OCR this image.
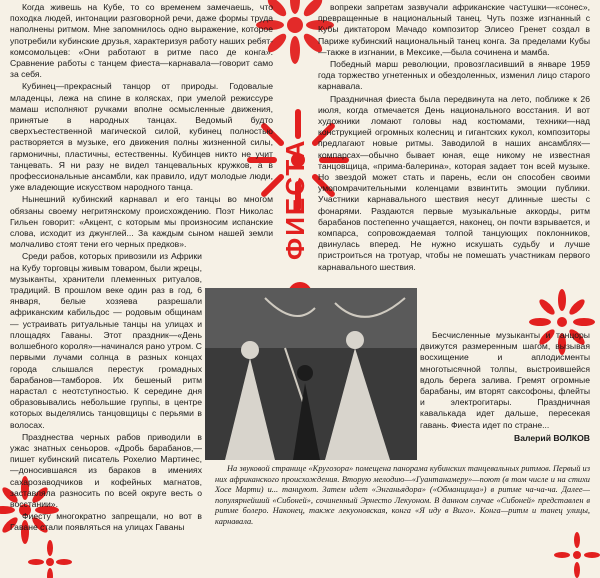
ФИЕСТА

Когда живешь на Кубе, то со временем замечаешь, что походка людей, интонации разговорной речи, даже формы труда наполнены ритмом. Мне запомнилось одно выражение, которое употребили кубинские друзья, характеризуя работу наших ребят-комсомольцев: «Они работают в ритме пасо де конга». Сравнение работы с танцем фиеста—карнавала—говорит само за себя.

Кубинец—прекрасный танцор от природы. Годовалые младенцы, лежа на спине в колясках, при умелой режиссуре мамаш исполняют ручками вполне осмысленные движения, принятые в народных танцах. Ведомый будто сверхъестественной магической силой, кубинец полностью растворяется в музыке, его движения полны жизненной силы, гармоничны, пластичны, естественны. Кубинцев никто не учит танцевать. Я ни разу не видел танцевальных кружков, а в профессиональные ансамбли, как правило, идут молодые люди, уже владеющие искусством народного танца.

Нынешний кубинский карнавал и его танцы во многом обязаны своему негритянскому происхождению. Поэт Николас Гильен говорит: «Акцент, с которым мы произносим испанские слова, исходит из джунглей... За каждым сыном нашей земли молчаливо стоят тени его черных предков».

Среди рабов, которых привозили из Африки на Кубу торговцы живым товаром, были жрецы, музыканты, хранители племенных ритуалов, традиций. В прошлом веке один раз в год, 6 января, белые хозяева разрешали африканским кабильдос — родовым общинам — устраивать ритуальные танцы на улицах и площадях Гаваны. Этот праздник—«День волшебного короля»—начинался рано утром. С первыми лучами солнца в разных концах города слышался перестук громадных барабанов—тамборов. Их бешеный ритм нарастал с неотступностью. К середине дня образовывались небольшие группы, в центре которых выделялись танцовщицы с перьями в волосах.

Празднества черных рабов приводили в ужас знатных сеньоров. «Дробь барабанов,—пишет кубинский писатель Рохелио Мартинес,—доносившаяся из бараков в имениях сахарозаводчиков и кофейных магнатов, заставляла разносить по всей округе весть о восстании».

Фиесту многократно запрещали, но вот в Гаване стали появляться на улицах Гаваны

вопреки запретам зазвучали африканские частушки—«сонес», превращенные в национальный танец. Чуть позже изгнанный с Кубы диктатором Мачадо композитор Элисео Гренет создал в Париже кубинский национальный танец конга. За пределами Кубы—также в изгнании, в Мексике,—была сочинена и мамба.

Победный марш революции, провозгласивший в январе 1959 года торжество угнетенных и обездоленных, изменил лицо старого карнавала.

Праздничная фиеста была передвинута на лето, поближе к 26 июля, когда отмечается День национального восстания. И вот художники ломают головы над костюмами, техники—над конструкцией огромных колесниц и гигантских кукол, композиторы предлагают новые ритмы. Заводилой в наших ансамблях—компарсах—обычно бывает юная, еще никому не известная танцовщица, «прима-балерина», которая задает тон всей музыке. Но звездой может стать и парень, если он способен своими умопомрачительными коленцами взвинтить эмоции публики. Участники карнавального шествия несут длинные шесты с фонарями. Раздаются первые музыкальные аккорды, ритм барабанов постепенно учащается, наконец, он почти взрывается, и компарса, сопровождаемая толпой танцующих поклонников, двинулась вперед. Не нужно искушать судьбу и лучше пристроиться на тротуар, чтобы не помешать участникам первого карнавального шествия.

Бесчисленные музыканты и танцоры движутся размеренным шагом, вызывая восхищение и аплодисменты многотысячной толпы, выстроившейся вдоль берега залива. Гремят огромные барабаны, им вторят саксофоны, флейты и электрогитары. Праздничная кавалькада идет дальше, пересекая гавань. Фиеста идет по стране...

Валерий ВОЛКОВ

На звуковой странице «Кругозора» помещена панорама кубинских танцевальных ритмов. Первый из них африканского происхождения. Вторую мелодию—«Гуантанамеру»—поют (в том числе и на стихи Хосе Марти) и... танцуют. Затем идет «Энганьядора» («Обманщица») в ритме ча-ча-ча. Далее—популярнейший «Сибоней», сочиненный Эрнесто Лекуоном. В данном случае «Сибоней» представлен в ритме болеро. Наконец, также лекуоновская, конга «Я иду в Виго». Конга—ритм и танец улицы, карнавала.
